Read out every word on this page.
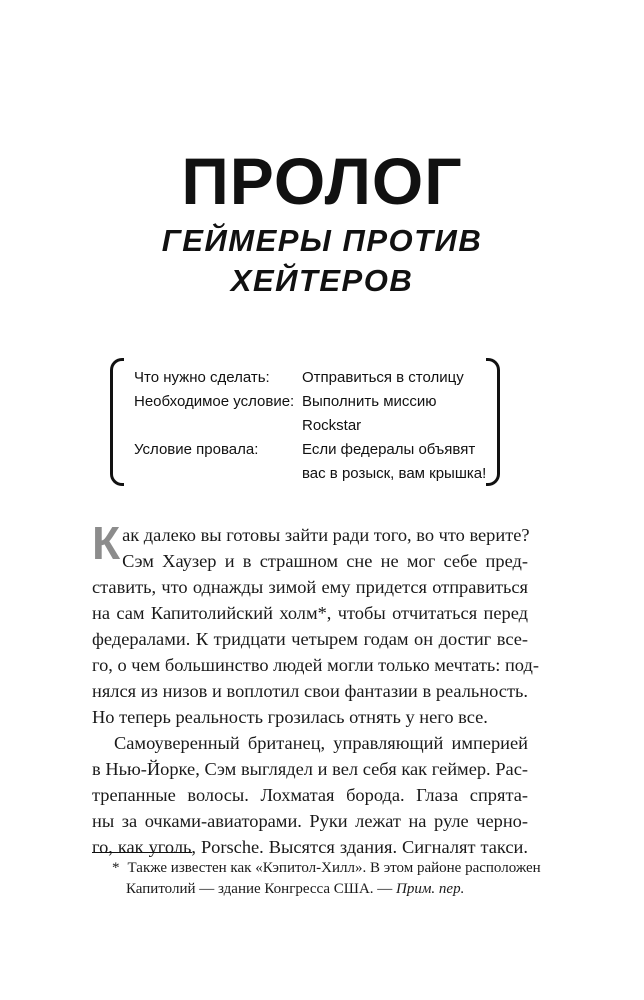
ПРОЛОГ
ГЕЙМЕРЫ ПРОТИВ
ХЕЙТЕРОВ
Что нужно сделать: Отправиться в столицу
Необходимое условие: Выполнить миссию
Rockstar
Условие провала:	Если федералы объявят
вас в розыск, вам крышка!
К ак далеко вы готовы зайти ради того, во что верите?
Сэм Хаузер и в страшном сне не мог себе пред-
ставить, что однажды зимой ему придется отправиться
на сам Капитолийский холм*, чтобы отчитаться перед
федералами. К тридцати четырем годам он достиг все-
го, о чем большинство людей могли только мечтать: под-
нялся из низов и воплотил свои фантазии в реальность.
Но теперь реальность грозилась отнять у него все.
Самоуверенный британец, управляющий империей
в Нью-Йорке, Сэм выглядел и вел себя как геймер. Рас-
трепанные волосы. Лохматая борода. Глаза спрята-
ны за очками-авиаторами. Руки лежат на руле черно-
го, как уголь, Porsche. Высятся здания. Сигналят такси.
* Также известен как «Кэпитол-Хилл». В этом районе расположен
Капитолий — здание Конгресса США. — Прим. пер.
